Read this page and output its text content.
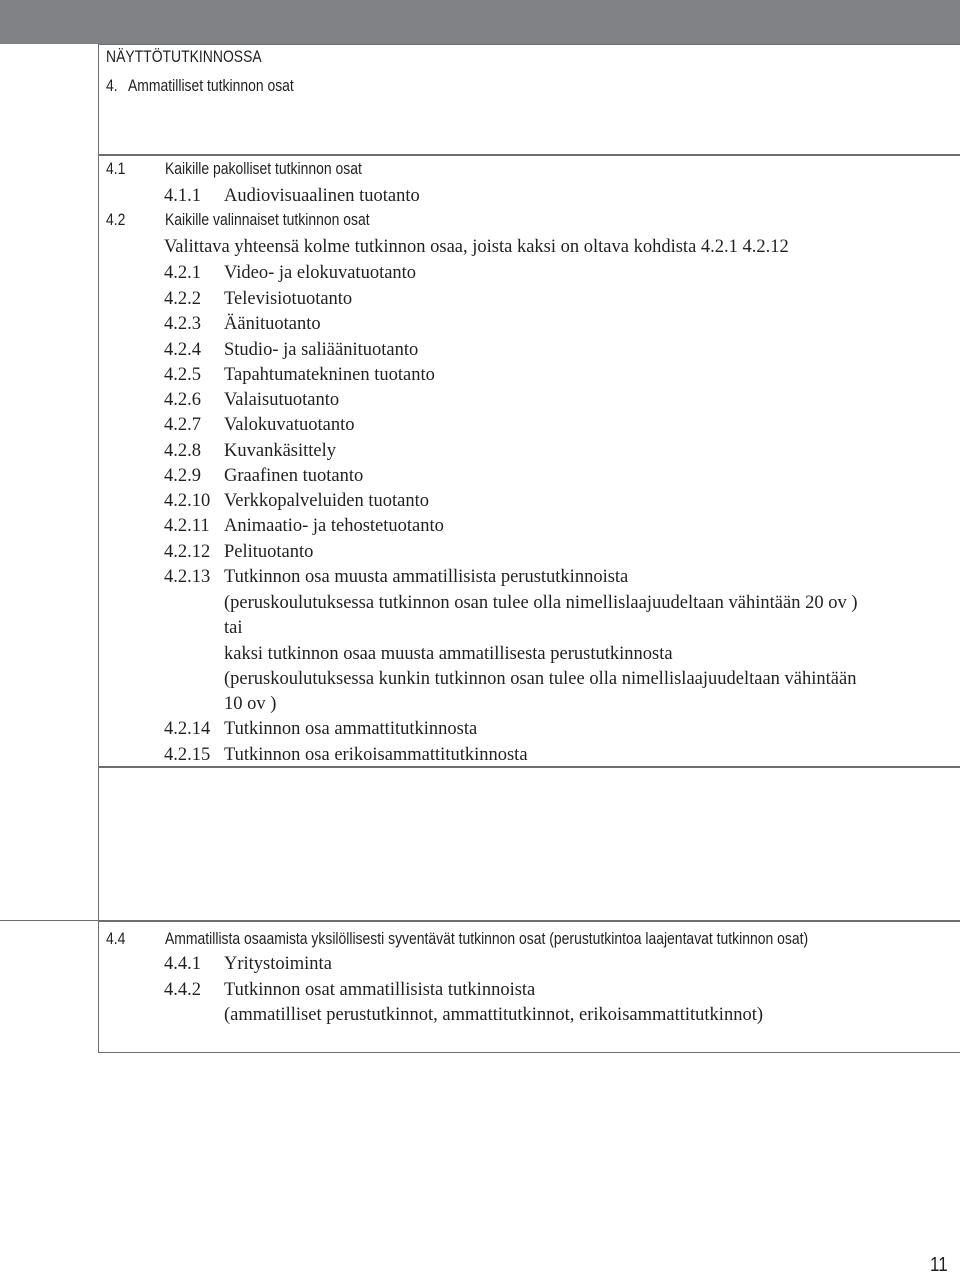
NÄYTTÖTUTKINNOSSA
4. Ammatilliset tutkinnon osat
4.1 Kaikille pakolliset tutkinnon osat
4.1.1 Audiovisuaalinen tuotanto
4.2 Kaikille valinnaiset tutkinnon osat
Valittava yhteensä kolme tutkinnon osaa, joista kaksi on oltava kohdista 4.2.1 4.2.12
4.2.1 Video- ja elokuvatuotanto
4.2.2 Televisiotuotanto
4.2.3 Äänituotanto
4.2.4 Studio- ja saliäänituotanto
4.2.5 Tapahtumatekninen tuotanto
4.2.6 Valaisutuotanto
4.2.7 Valokuvatuotanto
4.2.8 Kuvankäsittely
4.2.9 Graafinen tuotanto
4.2.10 Verkkopalveluiden tuotanto
4.2.11 Animaatio- ja tehostetuotanto
4.2.12 Pelituotanto
4.2.13 Tutkinnon osa muusta ammatillisista perustutkinnoista
(peruskoulutuksessa tutkinnon osan tulee olla nimellislaajuudeltaan vähintään 20 ov )
tai
kaksi tutkinnon osaa muusta ammatillisesta perustutkinnosta
(peruskoulutuksessa kunkin tutkinnon osan tulee olla nimellislaajuudeltaan vähintään
10 ov )
4.2.14 Tutkinnon osa ammattitutkinnosta
4.2.15 Tutkinnon osa erikoisammattitutkinnosta
4.4 Ammatillista osaamista yksilöllisesti syventävät tutkinnon osat (perustutkintoa laajentavat tutkinnon osat)
4.4.1 Yritystoiminta
4.4.2 Tutkinnon osat ammatillisista tutkinnoista
(ammatilliset perustutkinnot, ammattitutkinnot, erikoisammattitutkinnot)
11
